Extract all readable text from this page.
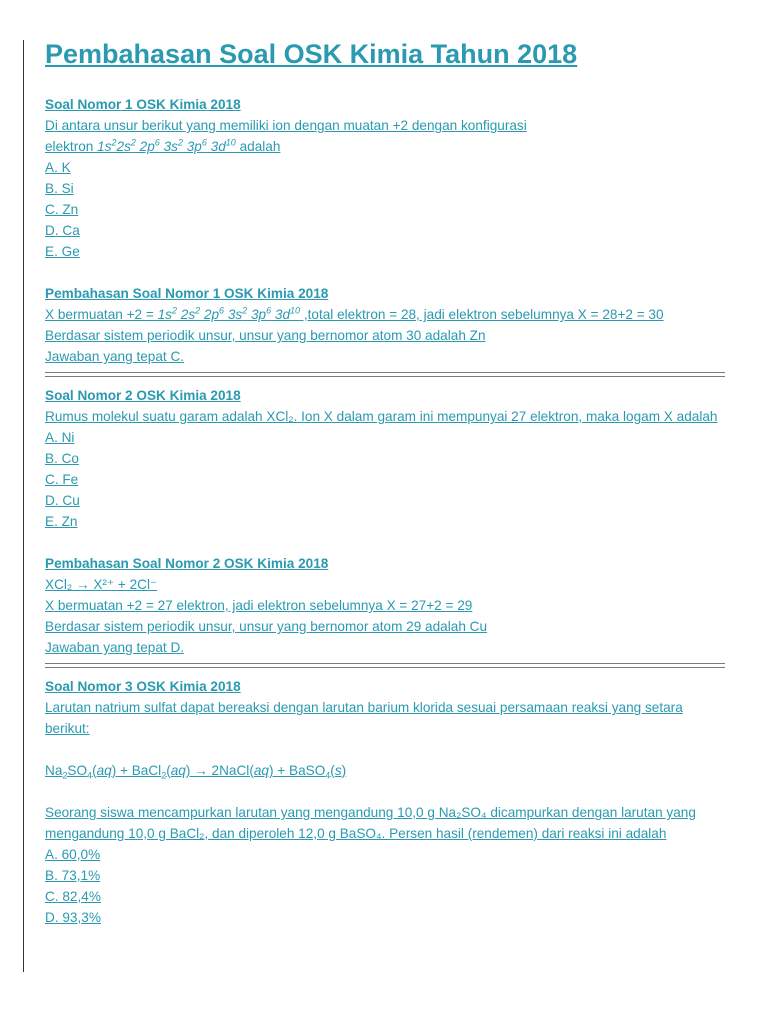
Pembahasan Soal OSK Kimia Tahun 2018
Soal Nomor 1 OSK Kimia 2018
Di antara unsur berikut yang memiliki ion dengan muatan +2 dengan konfigurasi
elektron $1s^22s^2$ $2p^6$ $3s^2$ $3p^6$ $3d^{10}$ adalah
A. K
B. Si
C. Zn
D. Ca
E. Ge
Pembahasan Soal Nomor 1 OSK Kimia 2018
X bermuatan $+2 = 1s^2$ $2s^2$ $2p^6$ $3s^2$ $3p^6$ $3d^{10}$ ,total elektron = 28, jadi elektron sebelumnya X = 28+2 = 30
Berdasar sistem periodik unsur, unsur yang bernomor atom 30 adalah Zn
Jawaban yang tepat C.
Soal Nomor 2 OSK Kimia 2018
Rumus molekul suatu garam adalah XCl₂. Ion X dalam garam ini mempunyai 27 elektron, maka logam X adalah
A. Ni
B. Co
C. Fe
D. Cu
E. Zn
Pembahasan Soal Nomor 2 OSK Kimia 2018
XCl₂ → X²⁺ + 2Cl⁻
X bermuatan +2 = 27 elektron, jadi elektron sebelumnya X = 27+2 = 29
Berdasar sistem periodik unsur, unsur yang bernomor atom 29 adalah Cu
Jawaban yang tepat D.
Soal Nomor 3 OSK Kimia 2018
Larutan natrium sulfat dapat bereaksi dengan larutan barium klorida sesuai persamaan reaksi yang setara berikut:
$Na_2SO_4(aq)$ + BaCl$_2$(aq) → 2NaCl(aq) + BaSO$_4$(s)
Seorang siswa mencampurkan larutan yang mengandung 10,0 g Na₂SO₄ dicampurkan dengan larutan yang mengandung 10,0 g BaCl₂, dan diperoleh 12,0 g BaSO₄. Persen hasil (rendemen) dari reaksi ini adalah
A. 60,0%
B. 73,1%
C. 82,4%
D. 93,3%
